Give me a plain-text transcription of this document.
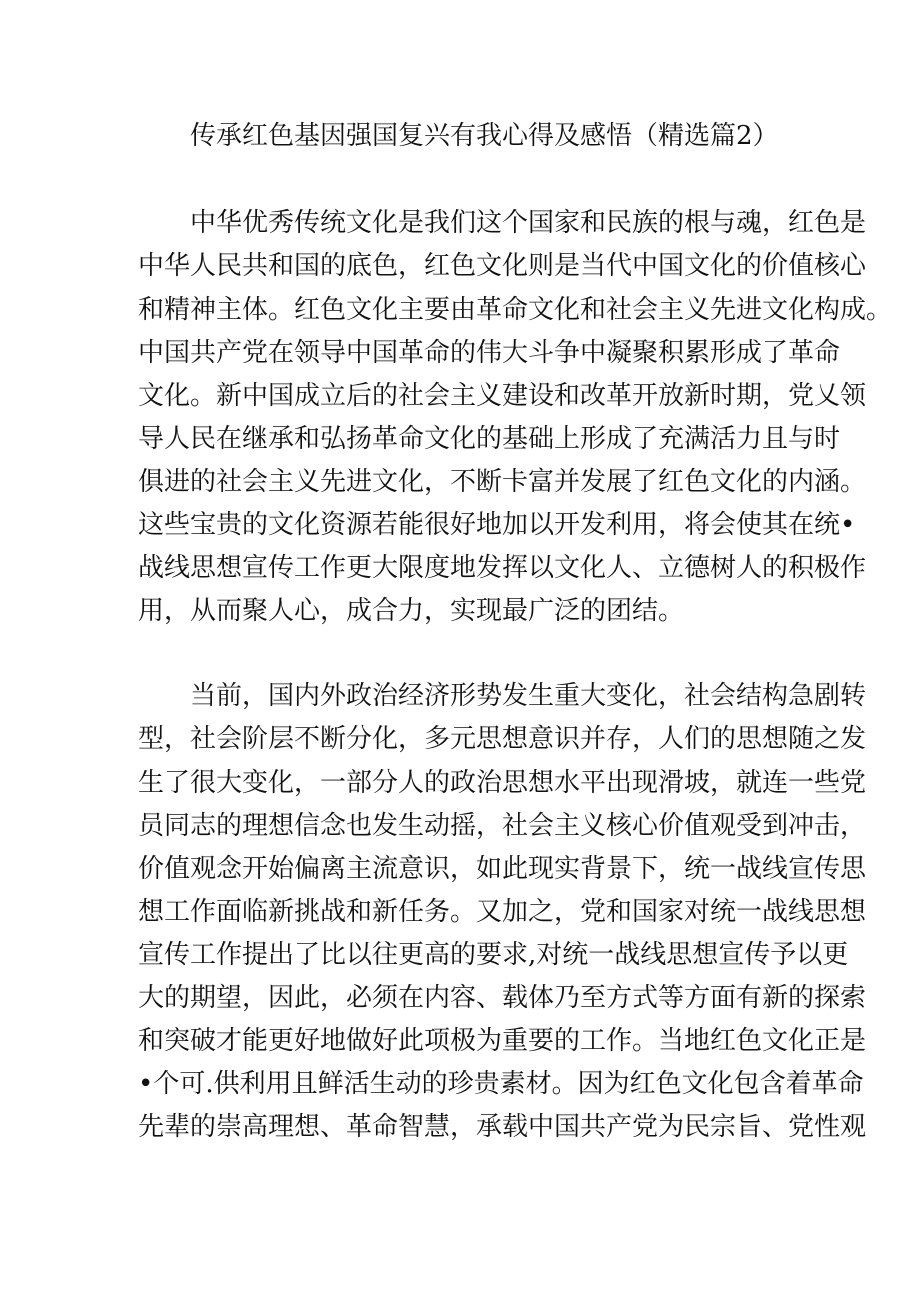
传承红色基因强国复兴有我心得及感悟（精选篇2）
中华优秀传统文化是我们这个国家和民族的根与魂，红色是
中华人民共和国的底色，红色文化则是当代中国文化的价值核心
和精神主体。红色文化主要由革命文化和社会主义先进文化构成。
中国共产党在领导中国革命的伟大斗争中凝聚积累形成了革命
文化。新中国成立后的社会主义建设和改革开放新时期，党乂领
导人民在继承和弘扬革命文化的基础上形成了充满活力且与时
俱进的社会主义先进文化，不断卡富并发展了红色文化的内涵。
这些宝贵的文化资源若能很好地加以开发利用，将会使其在统•
战线思想宣传工作更大限度地发挥以文化人、立德树人的积极作
用，从而聚人心，成合力，实现最广泛的团结。
当前，国内外政治经济形势发生重大变化，社会结构急剧转
型，社会阶层不断分化，多元思想意识并存，人们的思想随之发
生了很大变化，一部分人的政治思想水平出现滑坡，就连一些党
员同志的理想信念也发生动摇，社会主义核心价值观受到冲击，
价值观念开始偏离主流意识，如此现实背景下，统一战线宣传思
想工作面临新挑战和新任务。又加之，党和国家对统一战线思想
宣传工作提出了比以往更高的要求,对统一战线思想宣传予以更
大的期望，因此，必须在内容、载体乃至方式等方面有新的探索
和突破才能更好地做好此项极为重要的工作。当地红色文化正是
•个可.供利用且鲜活生动的珍贵素材。因为红色文化包含着革命
先辈的崇高理想、革命智慧，承载中国共产党为民宗旨、党性观
